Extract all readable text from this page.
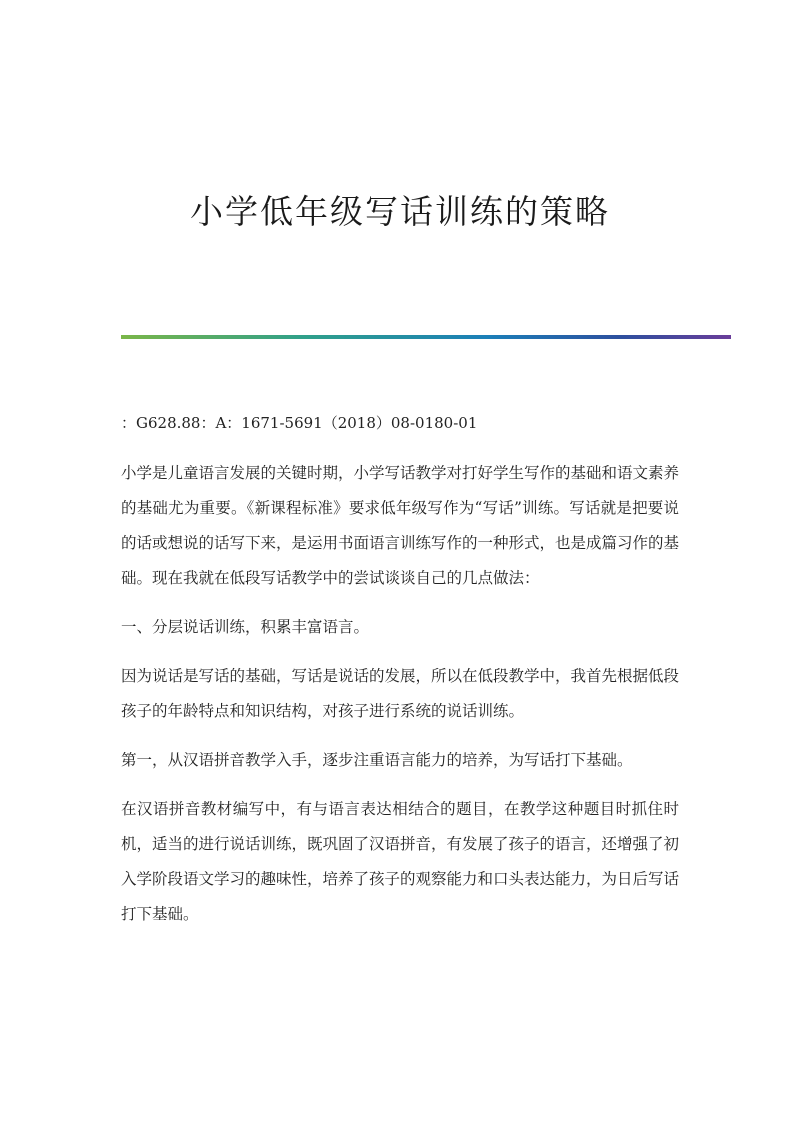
小学低年级写话训练的策略

：G628.88：A：1671-5691（2018）08-0180-01

小学是儿童语言发展的关键时期，小学写话教学对打好学生写作的基础和语文素养的基础尤为重要。《新课程标准》要求低年级写作为“写话”训练。写话就是把要说的话或想说的话写下来，是运用书面语言训练写作的一种形式，也是成篇习作的基础。现在我就在低段写话教学中的尝试谈谈自己的几点做法：

一、分层说话训练，积累丰富语言。

因为说话是写话的基础，写话是说话的发展，所以在低段教学中，我首先根据低段孩子的年龄特点和知识结构，对孩子进行系统的说话训练。

第一，从汉语拼音教学入手，逐步注重语言能力的培养，为写话打下基础。

在汉语拼音教材编写中，有与语言表达相结合的题目，在教学这种题目时抓住时机，适当的进行说话训练，既巩固了汉语拼音，有发展了孩子的语言，还增强了初入学阶段语文学习的趣味性，培养了孩子的观察能力和口头表达能力，为日后写话打下基础。
